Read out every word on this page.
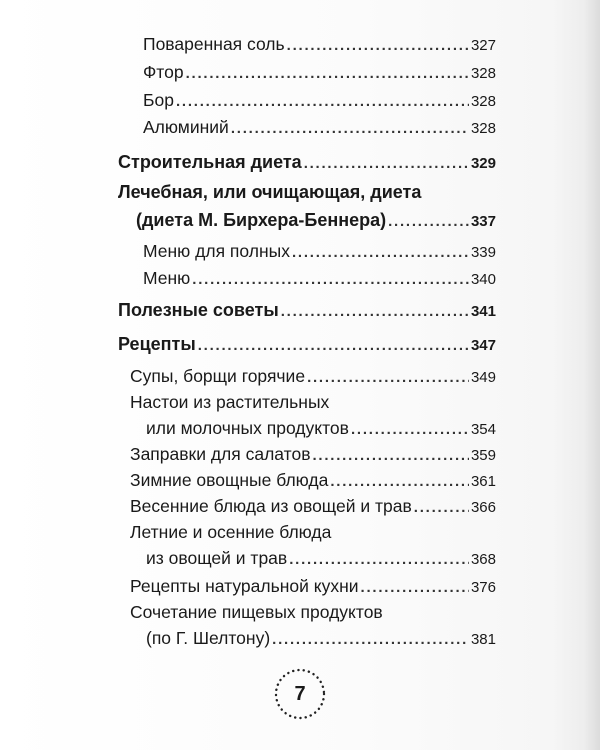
Поваренная соль . . .	327
Фтор . . .	328
Бор . . .	328
Алюминий . . .	328
Строительная диета . . .	329
Лечебная, или очищающая, диета
(диета М. Бирхера-Беннера) . . .	337
Меню для полных . . .	339
Меню . . .	340
Полезные советы . . .	341
Рецепты . . .	347
Супы, борщи горячие . . .	349
Настои из растительных
или молочных продуктов . . .	354
Заправки для салатов . . .	359
Зимние овощные блюда . . .	361
Весенние блюда из овощей и трав . . .	366
Летние и осенние блюда
из овощей и трав . . .	368
Рецепты натуральной кухни . . .	376
Сочетание пищевых продуктов
(по Г. Шелтону) . . .	381
7
